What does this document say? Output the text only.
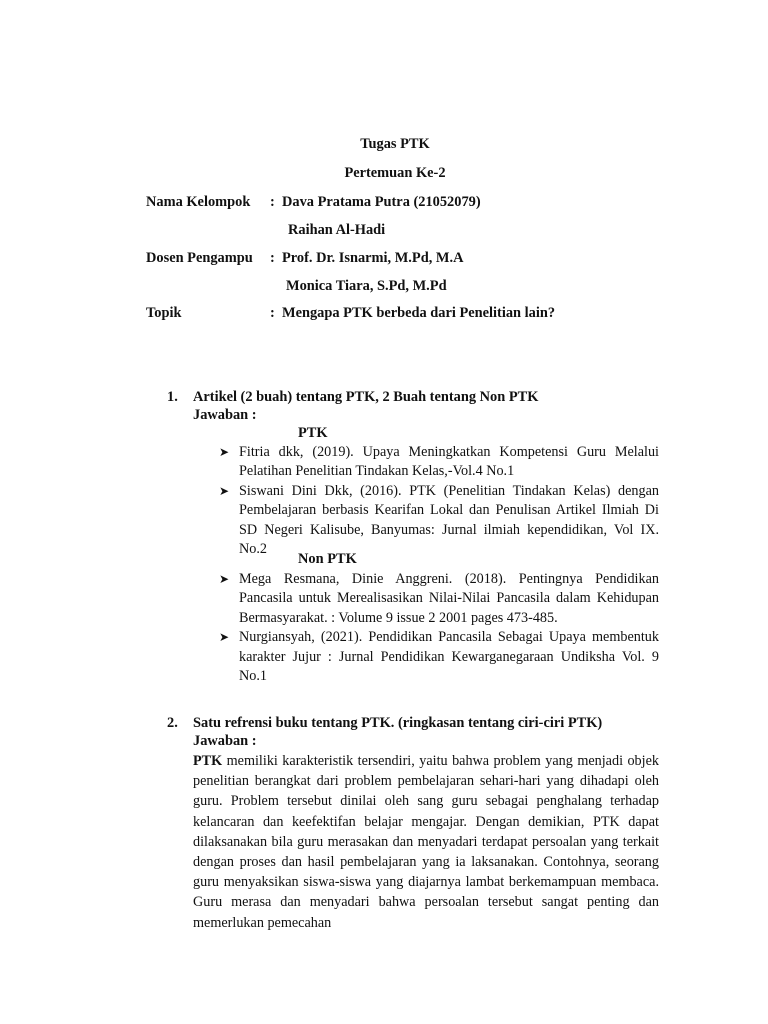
Tugas PTK
Pertemuan Ke-2
Nama Kelompok : Dava Pratama Putra (21052079)
Raihan Al-Hadi
Dosen Pengampu : Prof. Dr. Isnarmi, M.Pd, M.A
Monica Tiara, S.Pd, M.Pd
Topik	: Mengapa PTK berbeda dari Penelitian lain?
1. Artikel (2 buah) tentang PTK, 2 Buah tentang Non PTK
Jawaban :
PTK
➤ Fitria dkk, (2019). Upaya Meningkatkan Kompetensi Guru Melalui Pelatihan Penelitian Tindakan Kelas,-Vol.4 No.1
➤ Siswani Dini Dkk, (2016). PTK (Penelitian Tindakan Kelas) dengan Pembelajaran berbasis Kearifan Lokal dan Penulisan Artikel Ilmiah Di SD Negeri Kalisube, Banyumas: Jurnal ilmiah kependidikan, Vol IX. No.2
Non PTK
➤ Mega Resmana, Dinie Anggreni. (2018). Pentingnya Pendidikan Pancasila untuk Merealisasikan Nilai-Nilai Pancasila dalam Kehidupan Bermasyarakat. : Volume 9 issue 2 2001 pages 473-485.
➤ Nurgiansyah, (2021). Pendidikan Pancasila Sebagai Upaya membentuk karakter Jujur : Jurnal Pendidikan Kewarganegaraan Undiksha Vol. 9 No.1
2. Satu refrensi buku tentang PTK. (ringkasan tentang ciri-ciri PTK)
Jawaban :

PTK memiliki karakteristik tersendiri, yaitu bahwa problem yang menjadi objek penelitian berangkat dari problem pembelajaran sehari-hari yang dihadapi oleh guru. Problem tersebut dinilai oleh sang guru sebagai penghalang terhadap kelancaran dan keefektifan belajar mengajar. Dengan demikian, PTK dapat dilaksanakan bila guru merasakan dan menyadari terdapat persoalan yang terkait dengan proses dan hasil pembelajaran yang ia laksanakan. Contohnya, seorang guru menyaksikan siswa-siswa yang diajarnya lambat berkemampuan membaca. Guru merasa dan menyadari bahwa persoalan tersebut sangat penting dan memerlukan pemecahan
